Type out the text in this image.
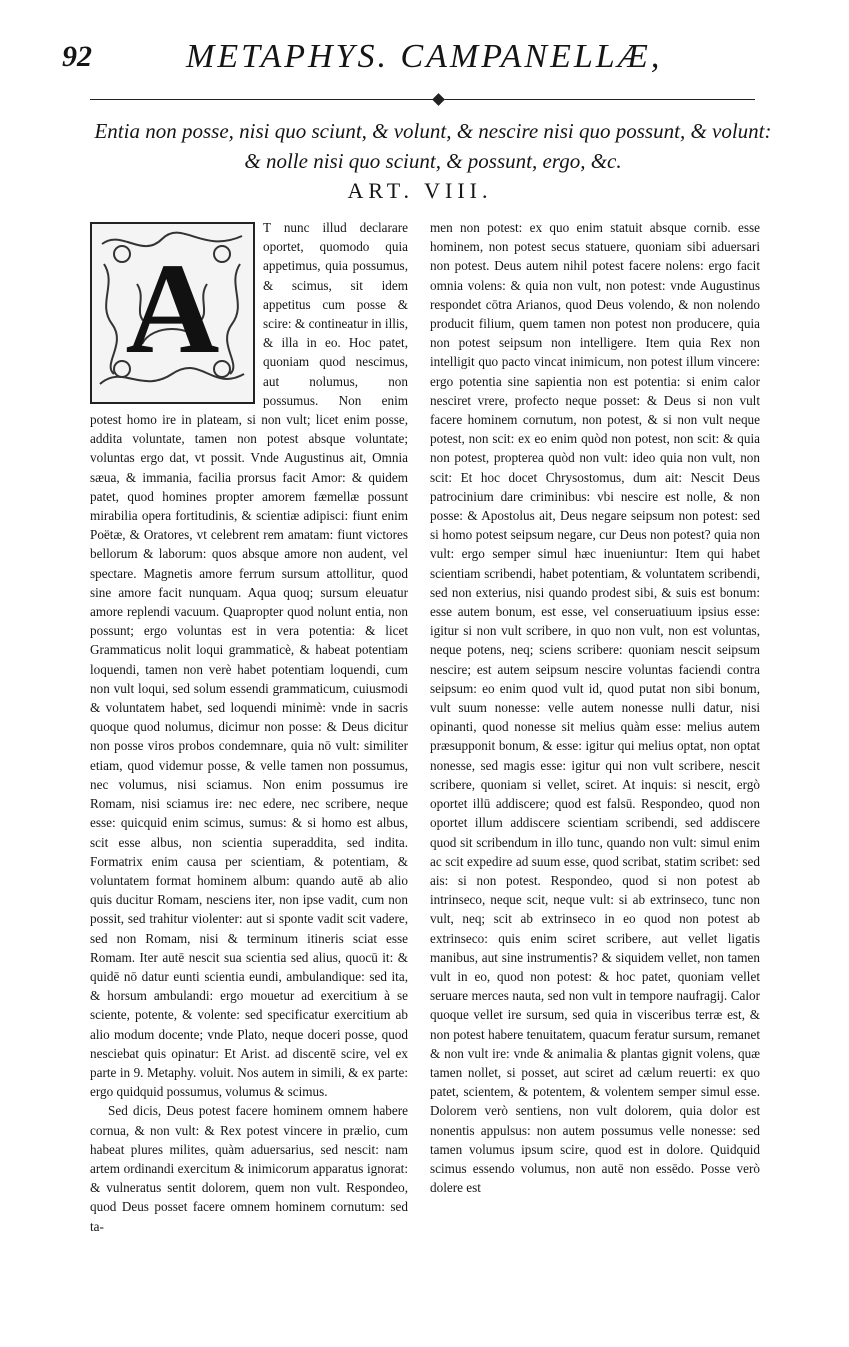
92	METAPHYS. CAMPANELLÆ,
Entia non posse, nisi quo sciunt, & volunt, & nescire nisi quo possunt, & volunt: & nolle nisi quo sciunt, & possunt, ergo, &c.
ART. VIII.
A

T nunc illud declarare oportet, quomodo quia appetimus, quia possumus, & scimus, sit idem appetitus cum posse & scire: & contineatur in illis, & illa in eo. Hoc patet, quoniam quod nescimus, aut nolumus, non possumus. Non enim potest homo ire in plateam, si non vult; licet enim posse, addita voluntate, tamen non potest absque voluntate; voluntas ergo dat, vt possit. Vnde Augustinus ait, Omnia sæua, & immania, facilia prorsus facit Amor: & quidem patet, quod homines propter amorem fæmellæ possunt mirabilia opera fortitudinis, & scientiæ adipisci: fiunt enim Poëtæ, & Oratores, vt celebrent rem amatam: fiunt victores bellorum & laborum: quos absque amore non audent, vel spectare. Magnetis amore ferrum sursum attollitur, quod sine amore facit nunquam. Aqua quoq; sursum eleuatur amore replendi vacuum. Quapropter quod nolunt entia, non possunt; ergo voluntas est in vera potentia: & licet Grammaticus nolit loqui grammaticè, & habeat potentiam loquendi, tamen non verè habet potentiam loquendi, cum non vult loqui, sed solum essendi grammaticum, cuiusmodi & voluntatem habet, sed loquendi minimè: vnde in sacris quoque quod nolumus, dicimur non posse: & Deus dicitur non posse viros probos condemnare, quia nō vult: similiter etiam, quod videmur posse, & velle tamen non possumus, nec volumus, nisi sciamus. Non enim possumus ire Romam, nisi sciamus ire: nec edere, nec scribere, neque esse: quicquid enim scimus, sumus: & si homo est albus, scit esse albus, non scientia superaddita, sed indita. Formatrix enim causa per scientiam, & potentiam, & voluntatem format hominem album: quando autē ab alio quis ducitur Romam, nesciens iter, non ipse vadit, cum non possit, sed trahitur violenter: aut si sponte vadit scit vadere, sed non Romam, nisi & terminum itineris sciat esse Romam. Iter autē nescit sua scientia sed alius, quocū it: & quidē nō datur eunti scientia eundi, ambulandique: sed ita, & horsum ambulandi: ergo mouetur ad exercitium à se sciente, potente, & volente: sed specificatur exercitium ab alio modum docente; vnde Plato, neque doceri posse, quod nesciebat quis opinatur: Et Arist. ad discentē scire, vel ex parte in 9. Metaphy. voluit. Nos autem in simili, & ex parte: ergo quidquid possumus, volumus & scimus.

Sed dicis, Deus potest facere hominem omnem habere cornua, & non vult: & Rex potest vincere in prælio, cum habeat plures milites, quàm aduersarius, sed nescit: nam artem ordinandi exercitum & inimicorum apparatus ignorat: & vulneratus sentit dolorem, quem non vult. Respondeo, quod Deus posset facere omnem hominem cornutum: sed ta-

men non potest: ex quo enim statuit absque cornib. esse hominem, non potest secus statuere, quoniam sibi aduersari non potest. Deus autem nihil potest facere nolens: ergo facit omnia volens: & quia non vult, non potest: vnde Augustinus respondet cōtra Arianos, quod Deus volendo, & non nolendo producit filium, quem tamen non potest non producere, quia non potest seipsum non intelligere. Item quia Rex non intelligit quo pacto vincat inimicum, non potest illum vincere: ergo potentia sine sapientia non est potentia: si enim calor nesciret vrere, profecto neque posset: & Deus si non vult facere hominem cornutum, non potest, & si non vult neque potest, non scit: ex eo enim quòd non potest, non scit: & quia non potest, propterea quòd non vult: ideo quia non vult, non scit: Et hoc docet Chrysostomus, dum ait: Nescit Deus patrocinium dare criminibus: vbi nescire est nolle, & non posse: & Apostolus ait, Deus negare seipsum non potest: sed si homo potest seipsum negare, cur Deus non potest? quia non vult: ergo semper simul hæc inueniuntur: Item qui habet scientiam scribendi, habet potentiam, & voluntatem scribendi, sed non exterius, nisi quando prodest sibi, & suis est bonum: esse autem bonum, est esse, vel conseruatiuum ipsius esse: igitur si non vult scribere, in quo non vult, non est voluntas, neque potens, neq; sciens scribere: quoniam nescit seipsum nescire; est autem seipsum nescire voluntas faciendi contra seipsum: eo enim quod vult id, quod putat non sibi bonum, vult suum nonesse: velle autem nonesse nulli datur, nisi opinanti, quod nonesse sit melius quàm esse: melius autem præsupponit bonum, & esse: igitur qui melius optat, non optat nonesse, sed magis esse: igitur qui non vult scribere, nescit scribere, quoniam si vellet, sciret. At inquis: si nescit, ergò oportet illū addiscere; quod est falsū. Respondeo, quod non oportet illum addiscere scientiam scribendi, sed addiscere quod sit scribendum in illo tunc, quando non vult: simul enim ac scit expedire ad suum esse, quod scribat, statim scribet: sed ais: si non potest. Respondeo, quod si non potest ab intrinseco, neque scit, neque vult: si ab extrinseco, tunc non vult, neq; scit ab extrinseco in eo quod non potest ab extrinseco: quis enim sciret scribere, aut vellet ligatis manibus, aut sine instrumentis? & siquidem vellet, non tamen vult in eo, quod non potest: & hoc patet, quoniam vellet seruare merces nauta, sed non vult in tempore naufragij. Calor quoque vellet ire sursum, sed quia in visceribus terræ est, & non potest habere tenuitatem, quacum feratur sursum, remanet & non vult ire: vnde & animalia & plantas gignit volens, quæ tamen nollet, si posset, aut sciret ad cælum reuerti: ex quo patet, scientem, & potentem, & volentem semper simul esse. Dolorem verò sentiens, non vult dolorem, quia dolor est nonentis appulsus: non autem possumus velle nonesse: sed tamen volumus ipsum scire, quod est in dolore. Quidquid scimus essendo volumus, non autē non essēdo. Posse verò dolere est
